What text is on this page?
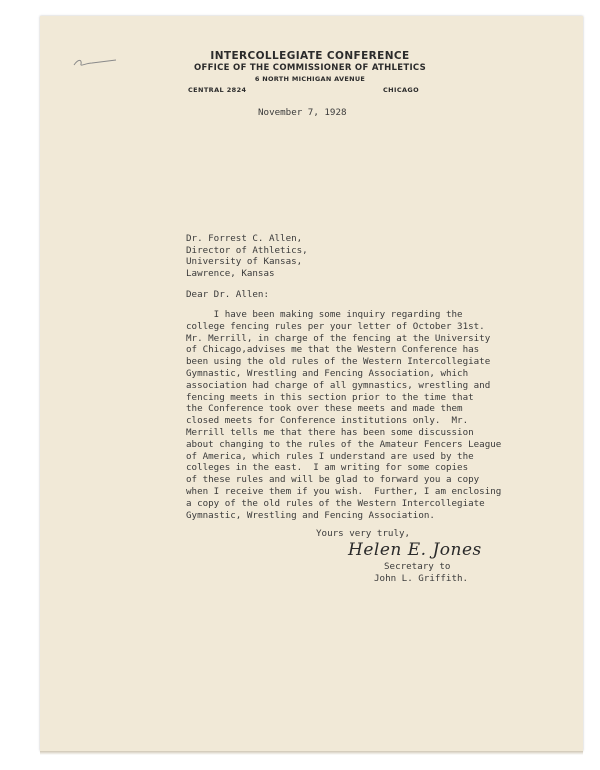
INTERCOLLEGIATE CONFERENCE
OFFICE OF THE COMMISSIONER OF ATHLETICS
6 NORTH MICHIGAN AVENUE
CENTRAL 2824	CHICAGO
November 7, 1928
Dr. Forrest C. Allen,
Director of Athletics,
University of Kansas,
Lawrence, Kansas
Dear Dr. Allen:
I have been making some inquiry regarding the
college fencing rules per your letter of October 31st.
Mr. Merrill, in charge of the fencing at the University
of Chicago,advises me that the Western Conference has
been using the old rules of the Western Intercollegiate
Gymnastic, Wrestling and Fencing Association, which
association had charge of all gymnastics, wrestling and
fencing meets in this section prior to the time that
the Conference took over these meets and made them
closed meets for Conference institutions only.  Mr.
Merrill tells me that there has been some discussion
about changing to the rules of the Amateur Fencers League
of America, which rules I understand are used by the
colleges in the east.  I am writing for some copies
of these rules and will be glad to forward you a copy
when I receive them if you wish.  Further, I am enclosing
a copy of the old rules of the Western Intercollegiate
Gymnastic, Wrestling and Fencing Association.
Yours very truly,
Helen E. Jones
Secretary to
John L. Griffith.
